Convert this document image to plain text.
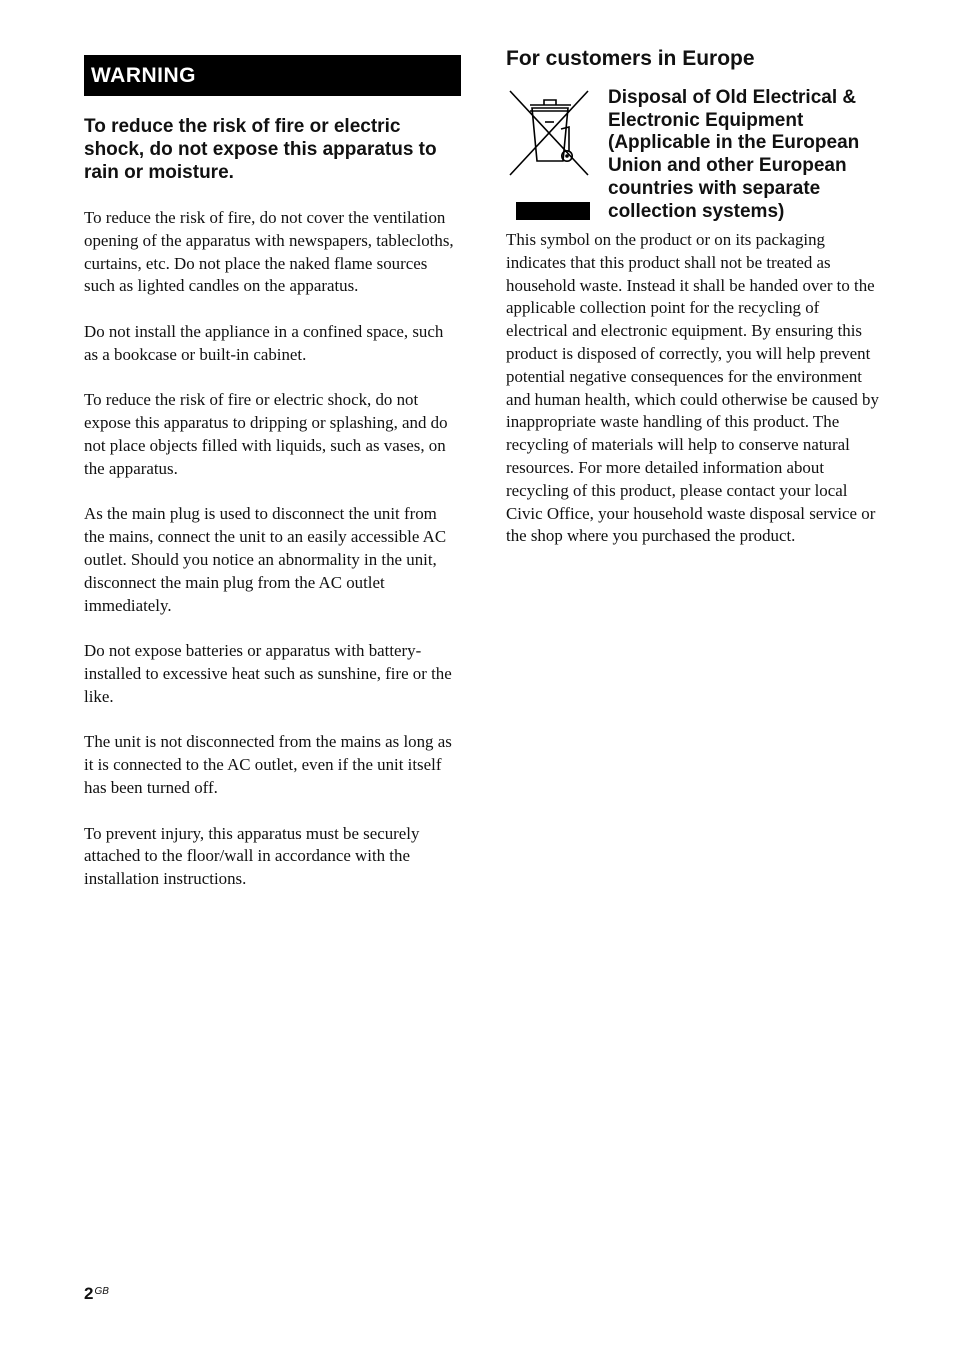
WARNING
To reduce the risk of fire or electric shock, do not expose this apparatus to rain or moisture.

To reduce the risk of fire, do not cover the ventilation opening of the apparatus with newspapers, tablecloths, curtains, etc. Do not place the naked flame sources such as lighted candles on the apparatus.

Do not install the appliance in a confined space, such as a bookcase or built-in cabinet.

To reduce the risk of fire or electric shock, do not expose this apparatus to dripping or splashing, and do not place objects filled with liquids, such as vases, on the apparatus.

As the main plug is used to disconnect the unit from the mains, connect the unit to an easily accessible AC outlet. Should you notice an abnormality in the unit, disconnect the main plug from the AC outlet immediately.

Do not expose batteries or apparatus with battery-installed to excessive heat such as sunshine, fire or the like.

The unit is not disconnected from the mains as long as it is connected to the AC outlet, even if the unit itself has been turned off.

To prevent injury, this apparatus must be securely attached to the floor/wall in accordance with the installation instructions.

For customers in Europe
Disposal of Old Electrical & Electronic Equipment (Applicable in the European Union and other European countries with separate collection systems)
This symbol on the product or on its packaging indicates that this product shall not be treated as household waste. Instead it shall be handed over to the applicable collection point for the recycling of electrical and electronic equipment. By ensuring this product is disposed of correctly, you will help prevent potential negative consequences for the environment and human health, which could otherwise be caused by inappropriate waste handling of this product. The recycling of materials will help to conserve natural resources. For more detailed information about recycling of this product, please contact your local Civic Office, your household waste disposal service or the shop where you purchased the product.
$2^{GB}$
